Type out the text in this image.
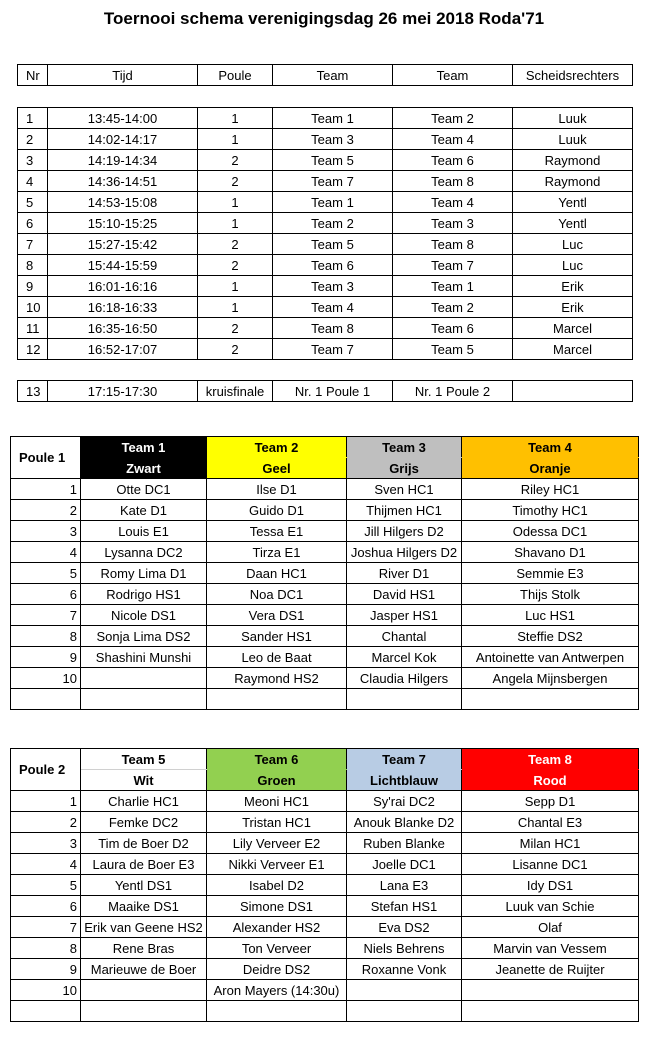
Toernooi schema verenigingsdag 26 mei 2018 Roda'71
Nr	Tijd	Poule	Team	Team	Scheidsrechters
1	13:45-14:00	1	Team 1	Team 2	Luuk
2	14:02-14:17	1	Team 3	Team 4	Luuk
3	14:19-14:34	2	Team 5	Team 6	Raymond
4	14:36-14:51	2	Team 7	Team 8	Raymond
5	14:53-15:08	1	Team 1	Team 4	Yentl
6	15:10-15:25	1	Team 2	Team 3	Yentl
7	15:27-15:42	2	Team 5	Team 8	Luc
8	15:44-15:59	2	Team 6	Team 7	Luc
9	16:01-16:16	1	Team 3	Team 1	Erik
10	16:18-16:33	1	Team 4	Team 2	Erik
11	16:35-16:50	2	Team 8	Team 6	Marcel
12	16:52-17:07	2	Team 7	Team 5	Marcel
13	17:15-17:30	kruisfinale	Nr. 1 Poule 1	Nr. 1 Poule 2	
Poule 1	Team 1	Team 2	Team 3	Team 4
	Zwart	Geel	Grijs	Oranje
1	Otte DC1	Ilse D1	Sven HC1	Riley HC1
2	Kate D1	Guido D1	Thijmen HC1	Timothy HC1
3	Louis E1	Tessa E1	Jill Hilgers D2	Odessa DC1
4	Lysanna DC2	Tirza E1	Joshua Hilgers D2	Shavano D1
5	Romy Lima D1	Daan HC1	River D1	Semmie E3
6	Rodrigo HS1	Noa DC1	David HS1	Thijs Stolk
7	Nicole DS1	Vera DS1	Jasper HS1	Luc HS1
8	Sonja Lima DS2	Sander HS1	Chantal	Steffie DS2
9	Shashini Munshi	Leo de Baat	Marcel Kok	Antoinette van Antwerpen
10		Raymond HS2	Claudia Hilgers	Angela Mijnsbergen

Poule 2	Team 5	Team 6	Team 7	Team 8
	Wit	Groen	Lichtblauw	Rood
1	Charlie HC1	Meoni HC1	Sy'rai DC2	Sepp D1
2	Femke DC2	Tristan HC1	Anouk Blanke D2	Chantal E3
3	Tim de Boer D2	Lily Verveer E2	Ruben Blanke	Milan HC1
4	Laura de Boer E3	Nikki Verveer E1	Joelle DC1	Lisanne DC1
5	Yentl DS1	Isabel D2	Lana E3	Idy DS1
6	Maaike DS1	Simone DS1	Stefan HS1	Luuk van Schie
7	Erik van Geene HS2	Alexander HS2	Eva DS2	Olaf
8	Rene Bras	Ton Verveer	Niels Behrens	Marvin van Vessem
9	Marieuwe de Boer	Deidre DS2	Roxanne Vonk	Jeanette de Ruijter
10		Aron Mayers (14:30u)		
